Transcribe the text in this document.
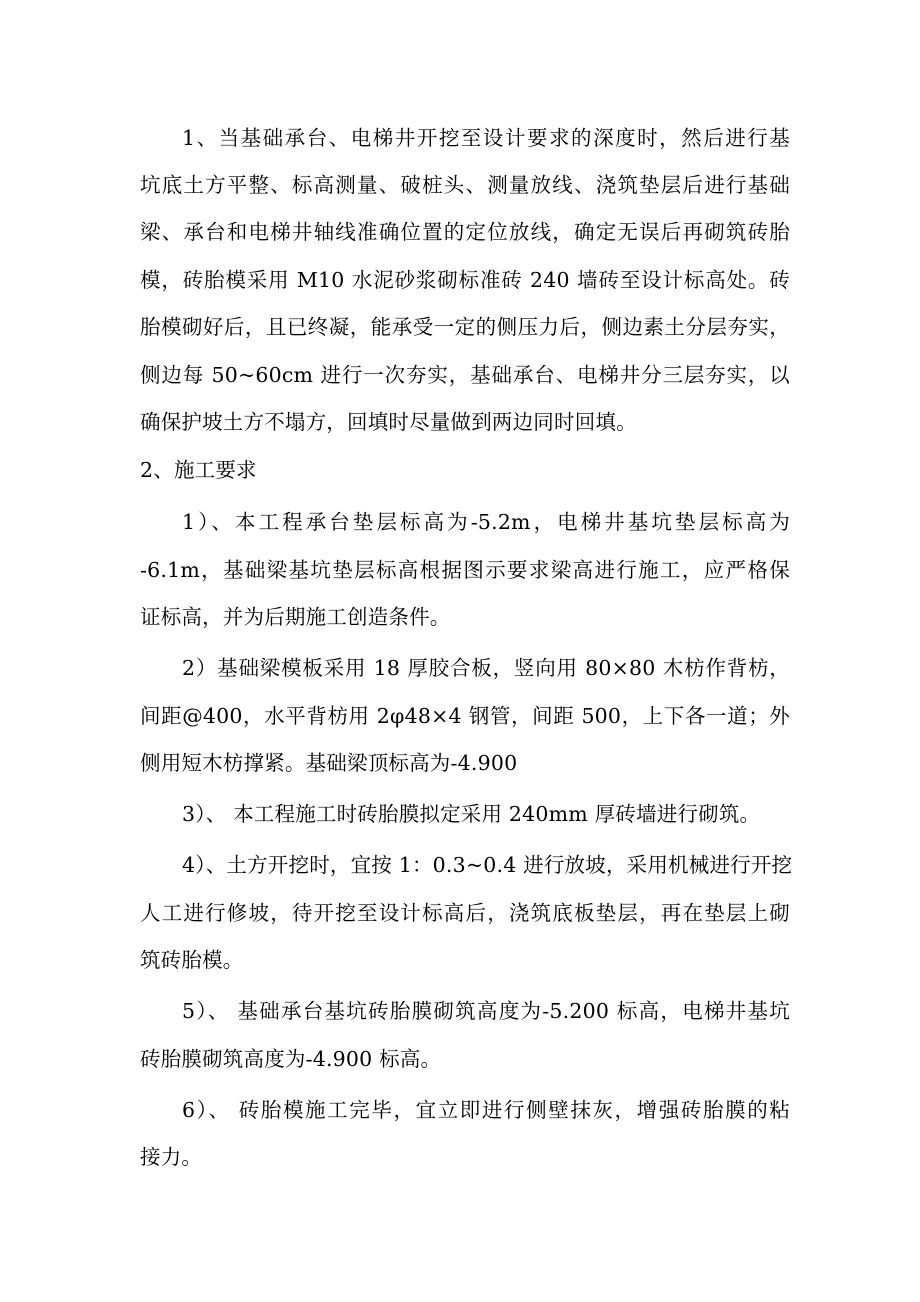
1、当基础承台、电梯井开挖至设计要求的深度时，然后进行基
坑底土方平整、标高测量、破桩头、测量放线、浇筑垫层后进行基础
梁、承台和电梯井轴线准确位置的定位放线，确定无误后再砌筑砖胎
模，砖胎模采用 M10 水泥砂浆砌标准砖 240 墙砖至设计标高处。砖
胎模砌好后，且已终凝，能承受一定的侧压力后，侧边素土分层夯实，
侧边每 50~60cm 进行一次夯实，基础承台、电梯井分三层夯实，以
确保护坡土方不塌方，回填时尽量做到两边同时回填。
2、施工要求
1）、本工程承台垫层标高为-5.2m，电梯井基坑垫层标高为
-6.1m，基础梁基坑垫层标高根据图示要求梁高进行施工，应严格保
证标高，并为后期施工创造条件。
2）基础梁模板采用 18 厚胶合板，竖向用 80×80 木枋作背枋，
间距@400，水平背枋用 2φ48×4 钢管，间距 500，上下各一道；外
侧用短木枋撑紧。基础梁顶标高为-4.900
3）、 本工程施工时砖胎膜拟定采用 240mm 厚砖墙进行砌筑。
4）、土方开挖时，宜按 1：0.3~0.4 进行放坡，采用机械进行开挖
人工进行修坡，待开挖至设计标高后，浇筑底板垫层，再在垫层上砌
筑砖胎模。
5）、 基础承台基坑砖胎膜砌筑高度为-5.200 标高，电梯井基坑
砖胎膜砌筑高度为-4.900 标高。
6）、 砖胎模施工完毕，宜立即进行侧壁抹灰，增强砖胎膜的粘
接力。
